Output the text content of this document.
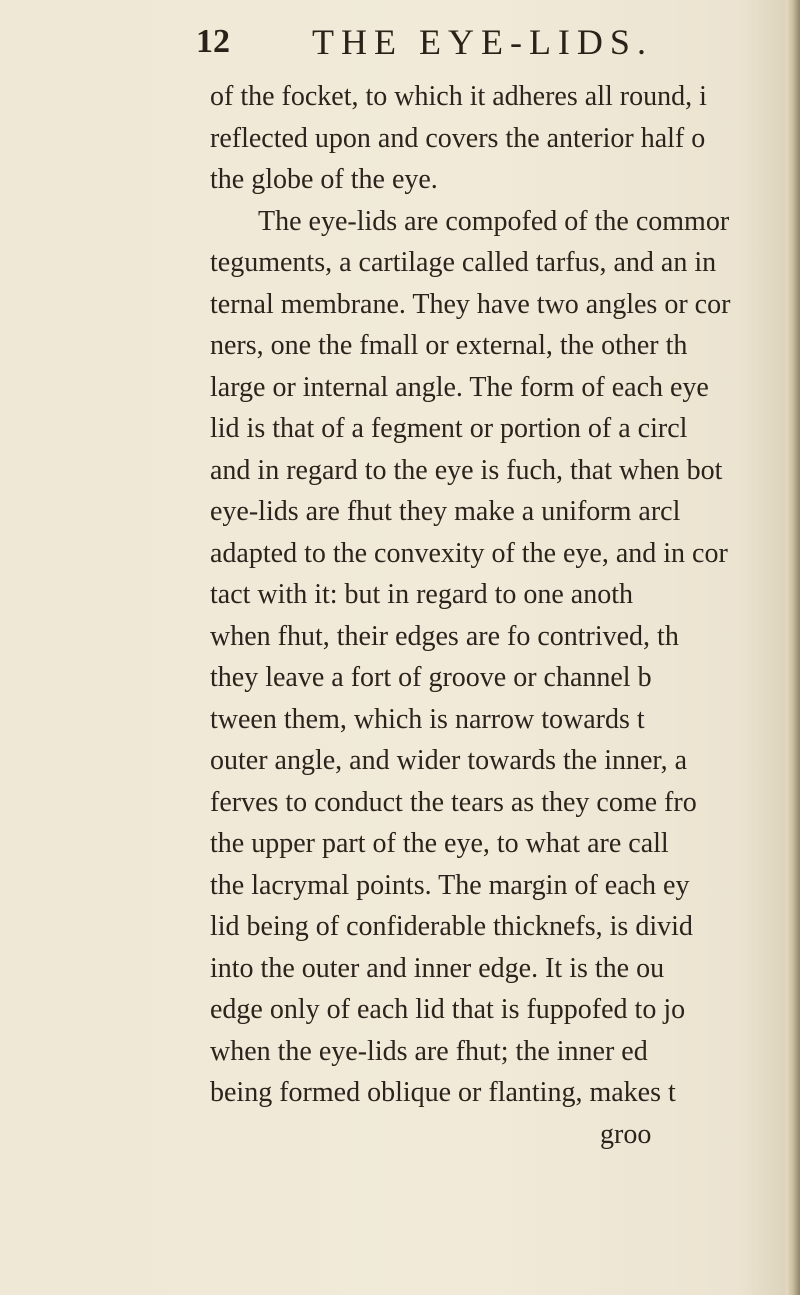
12 THE EYE-LIDS.
of the focket, to which it adheres all round, i
reflected upon and covers the anterior half o
the globe of the eye.
The eye-lids are compofed of the commor
teguments, a cartilage called tarfus, and an in
ternal membrane. They have two angles or cor
ners, one the fmall or external, the other th
large or internal angle. The form of each eye
lid is that of a fegment or portion of a circl
and in regard to the eye is fuch, that when bot
eye-lids are fhut they make a uniform arcl
adapted to the convexity of the eye, and in cor
tact with it: but in regard to one anoth
when fhut, their edges are fo contrived, th
they leave a fort of groove or channel b
tween them, which is narrow towards t
outer angle, and wider towards the inner, a
ferves to conduct the tears as they come fro
the upper part of the eye, to what are call
the lacrymal points. The margin of each ey
lid being of confiderable thicknefs, is divid
into the outer and inner edge. It is the ou
edge only of each lid that is fuppofed to jo
when the eye-lids are fhut; the inner ed
being formed oblique or flanting, makes t
groo
